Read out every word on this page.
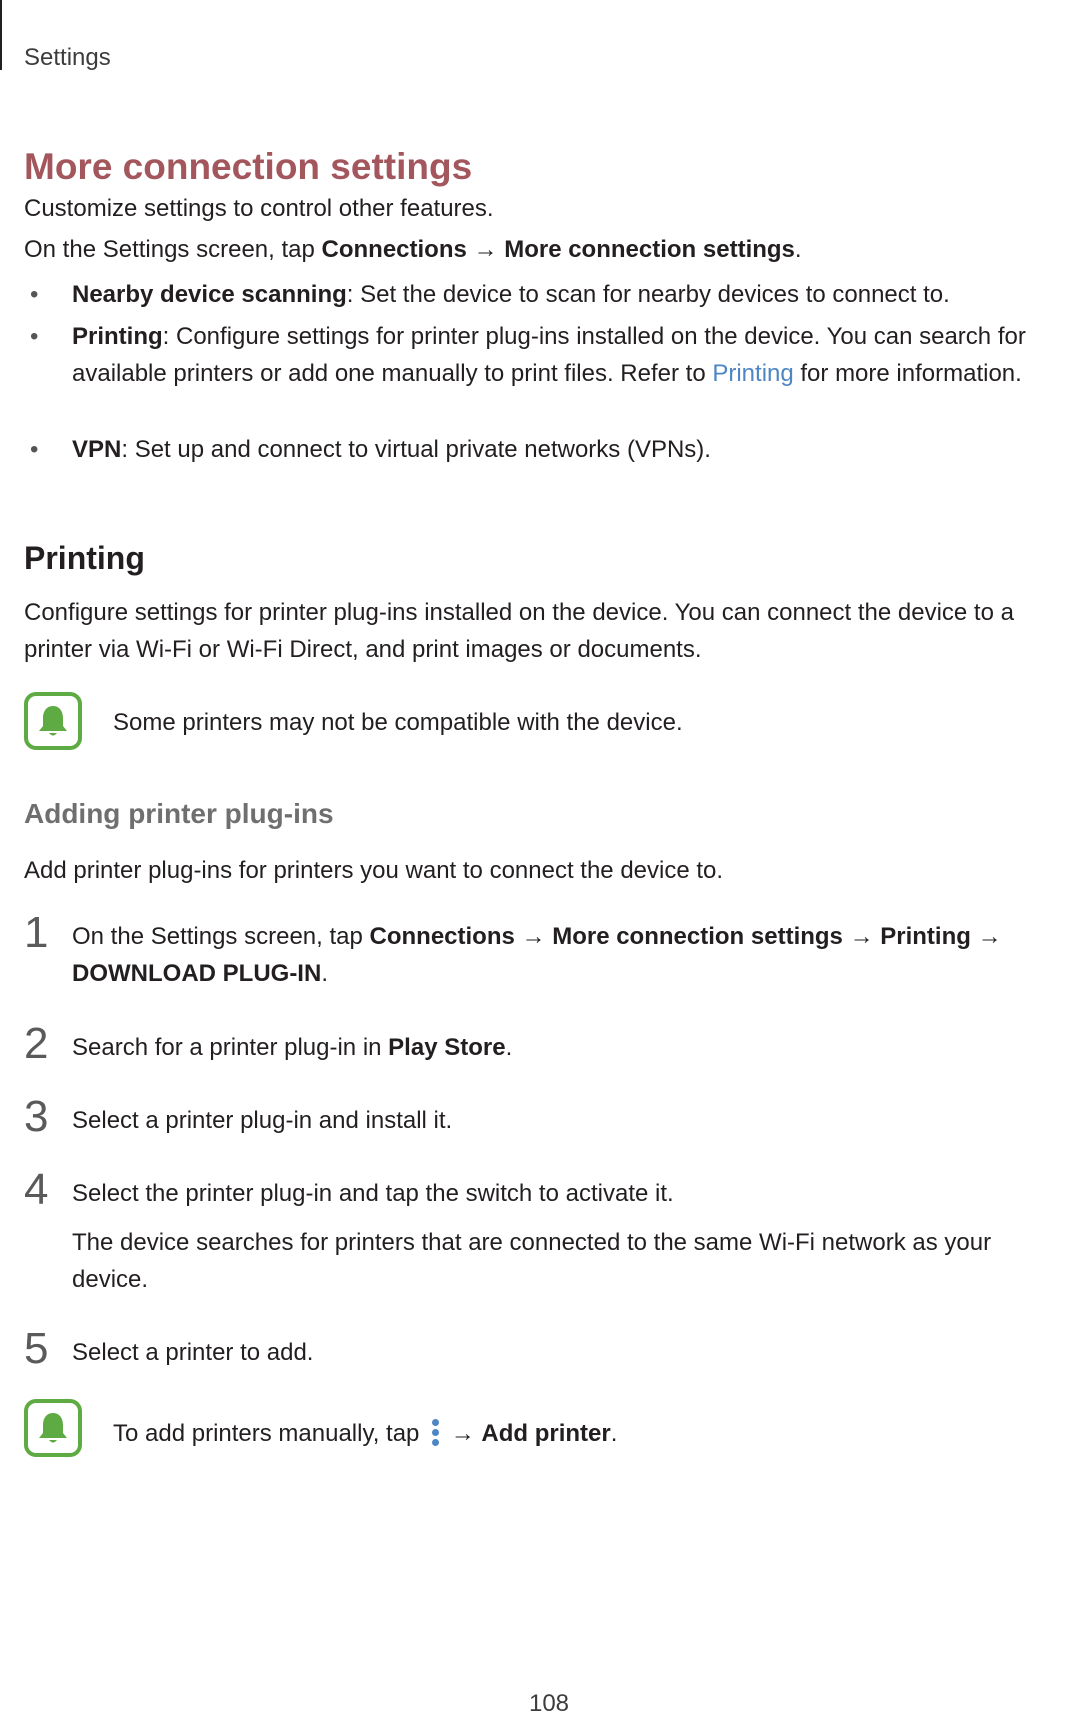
Settings
More connection settings

Customize settings to control other features.

On the Settings screen, tap Connections → More connection settings.

• Nearby device scanning: Set the device to scan for nearby devices to connect to.
• Printing: Configure settings for printer plug-ins installed on the device. You can search for available printers or add one manually to print files. Refer to Printing for more information.
• VPN: Set up and connect to virtual private networks (VPNs).
Printing

Configure settings for printer plug-ins installed on the device. You can connect the device to a printer via Wi-Fi or Wi-Fi Direct, and print images or documents.

Some printers may not be compatible with the device.
Adding printer plug-ins

Add printer plug-ins for printers you want to connect the device to.

1 On the Settings screen, tap Connections → More connection settings → Printing → DOWNLOAD PLUG-IN.
2 Search for a printer plug-in in Play Store.
3 Select a printer plug-in and install it.
4 Select the printer plug-in and tap the switch to activate it.

The device searches for printers that are connected to the same Wi-Fi network as your device.

5 Select a printer to add.
To add printers manually, tap
→ Add printer.
108
